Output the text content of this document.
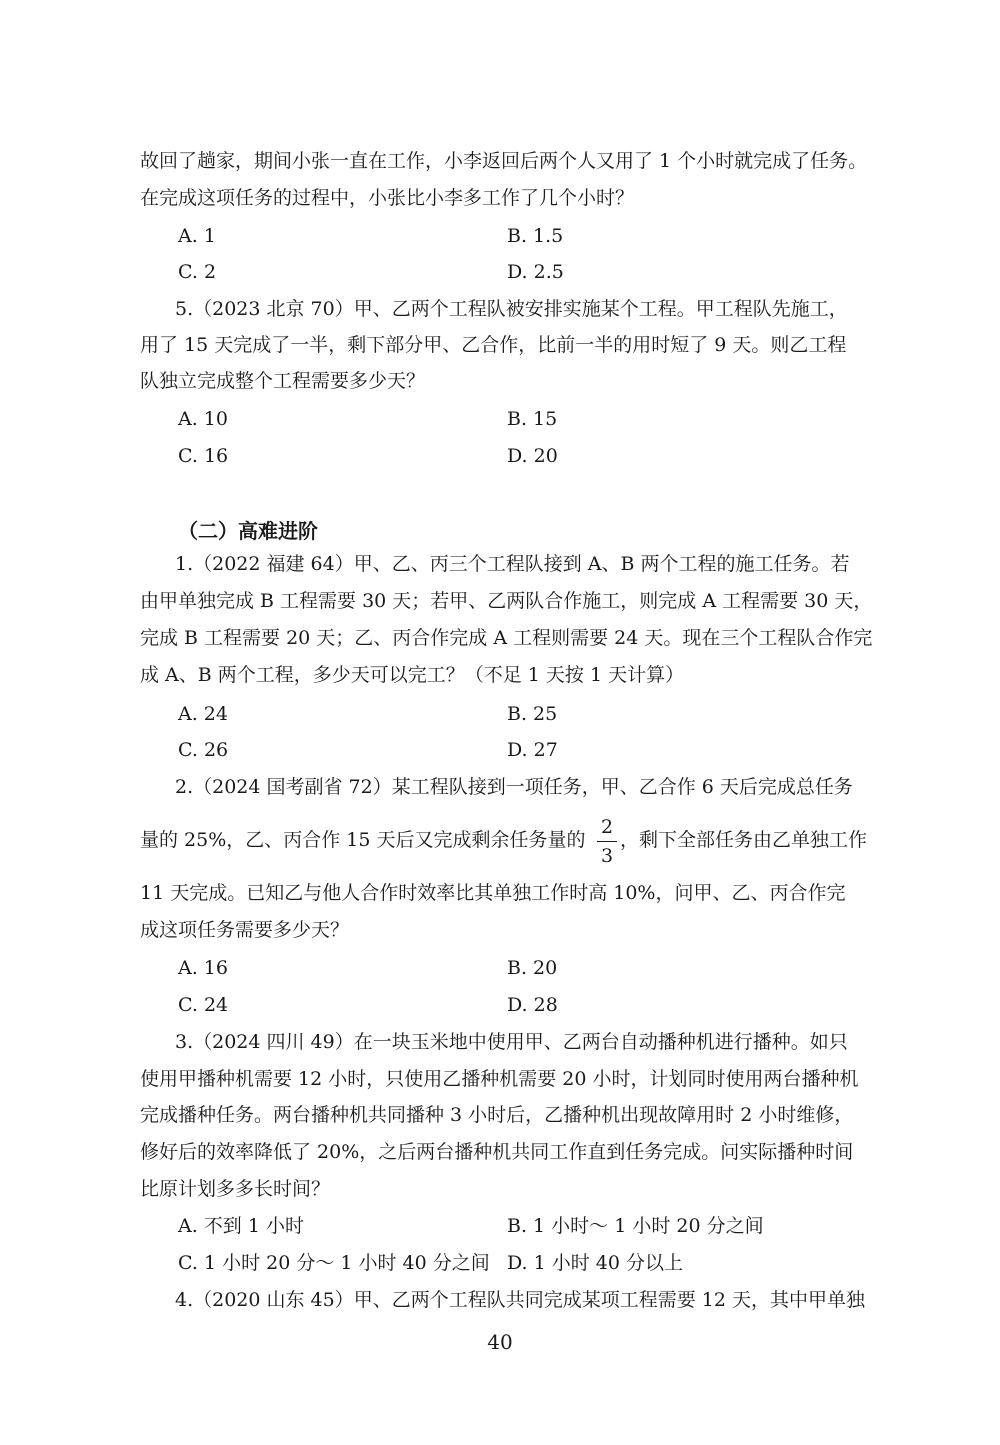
故回了趟家，期间小张一直在工作，小李返回后两个人又用了 1 个小时就完成了任务。
在完成这项任务的过程中，小张比小李多工作了几个小时？
A. 1	B. 1.5
C. 2	D. 2.5
5.（2023 北京 70）甲、乙两个工程队被安排实施某个工程。甲工程队先施工，
用了 15 天完成了一半，剩下部分甲、乙合作，比前一半的用时短了 9 天。则乙工程
队独立完成整个工程需要多少天？
A. 10	B. 15
C. 16	D. 20
（二）高难进阶
1.（2022 福建 64）甲、乙、丙三个工程队接到 A、B 两个工程的施工任务。若
由甲单独完成 B 工程需要 30 天；若甲、乙两队合作施工，则完成 A 工程需要 30 天，
完成 B 工程需要 20 天；乙、丙合作完成 A 工程则需要 24 天。现在三个工程队合作完
成 A、B 两个工程，多少天可以完工？（不足 1 天按 1 天计算）
A. 24	B. 25
C. 26	D. 27
2.（2024 国考副省 72）某工程队接到一项任务，甲、乙合作 6 天后完成总任务
量的 25%，乙、丙合作 15 天后又完成剩余任务量的
2
3
，剩下全部任务由乙单独工作
11 天完成。已知乙与他人合作时效率比其单独工作时高 10%，问甲、乙、丙合作完
成这项任务需要多少天？
A. 16	B. 20
C. 24	D. 28
3.（2024 四川 49）在一块玉米地中使用甲、乙两台自动播种机进行播种。如只
使用甲播种机需要 12 小时，只使用乙播种机需要 20 小时，计划同时使用两台播种机
完成播种任务。两台播种机共同播种 3 小时后，乙播种机出现故障用时 2 小时维修，
修好后的效率降低了 20%，之后两台播种机共同工作直到任务完成。问实际播种时间
比原计划多多长时间？
A. 不到 1 小时	B. 1 小时～ 1 小时 20 分之间
C. 1 小时 20 分～ 1 小时 40 分之间 D. 1 小时 40 分以上
4.（2020 山东 45）甲、乙两个工程队共同完成某项工程需要 12 天，其中甲单独
40
